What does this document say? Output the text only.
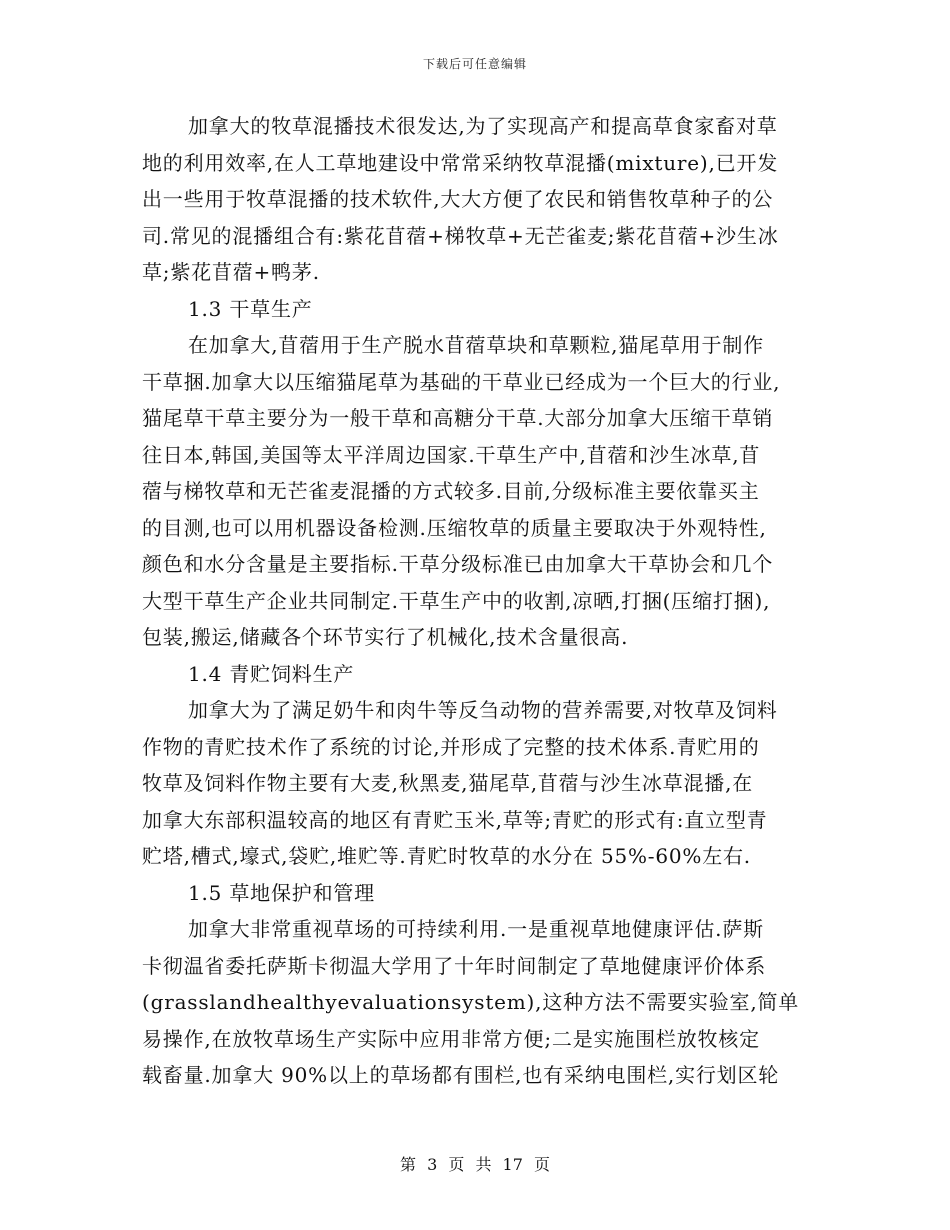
下载后可任意编辑
加拿大的牧草混播技术很发达,为了实现高产和提高草食家畜对草
地的利用效率,在人工草地建设中常常采纳牧草混播(mixture),已开发
出一些用于牧草混播的技术软件,大大方便了农民和销售牧草种子的公
司.常见的混播组合有:紫花苜蓿+梯牧草+无芒雀麦;紫花苜蓿+沙生冰
草;紫花苜蓿+鸭茅.
1.3 干草生产
在加拿大,苜蓿用于生产脱水苜蓿草块和草颗粒,猫尾草用于制作
干草捆.加拿大以压缩猫尾草为基础的干草业已经成为一个巨大的行业,
猫尾草干草主要分为一般干草和高糖分干草.大部分加拿大压缩干草销
往日本,韩国,美国等太平洋周边国家.干草生产中,苜蓿和沙生冰草,苜
蓿与梯牧草和无芒雀麦混播的方式较多.目前,分级标准主要依靠买主
的目测,也可以用机器设备检测.压缩牧草的质量主要取决于外观特性,
颜色和水分含量是主要指标.干草分级标准已由加拿大干草协会和几个
大型干草生产企业共同制定.干草生产中的收割,凉晒,打捆(压缩打捆),
包装,搬运,储藏各个环节实行了机械化,技术含量很高.
1.4 青贮饲料生产
加拿大为了满足奶牛和肉牛等反刍动物的营养需要,对牧草及饲料
作物的青贮技术作了系统的讨论,并形成了完整的技术体系.青贮用的
牧草及饲料作物主要有大麦,秋黑麦,猫尾草,苜蓿与沙生冰草混播,在
加拿大东部积温较高的地区有青贮玉米,草等;青贮的形式有:直立型青
贮塔,槽式,壕式,袋贮,堆贮等.青贮时牧草的水分在 55%-60%左右.
1.5 草地保护和管理
加拿大非常重视草场的可持续利用.一是重视草地健康评估.萨斯
卡彻温省委托萨斯卡彻温大学用了十年时间制定了草地健康评价体系
(grasslandhealthyevaluationsystem),这种方法不需要实验室,简单
易操作,在放牧草场生产实际中应用非常方便;二是实施围栏放牧核定
载畜量.加拿大 90%以上的草场都有围栏,也有采纳电围栏,实行划区轮
第 3 页 共 17 页
